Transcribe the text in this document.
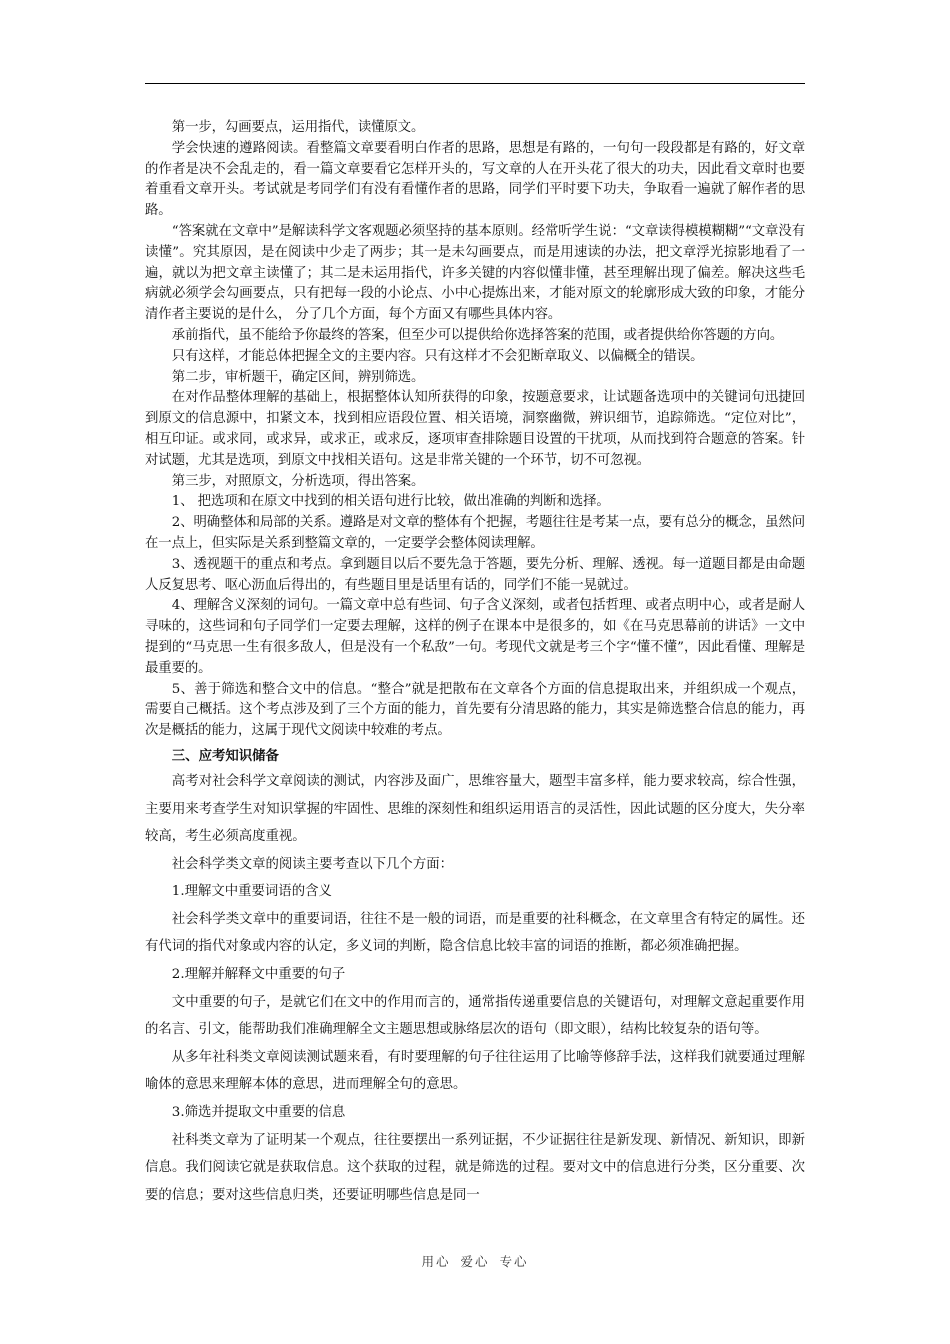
第一步，勾画要点，运用指代，读懂原文。

学会快速的遵路阅读。看整篇文章要看明白作者的思路，思想是有路的，一句句一段段都是有路的，好文章的作者是决不会乱走的，看一篇文章要看它怎样开头的，写文章的人在开头花了很大的功夫，因此看文章时也要着重看文章开头。考试就是考同学们有没有看懂作者的思路，同学们平时要下功夫，争取看一遍就了解作者的思路。

“答案就在文章中”是解读科学文客观题必须坚持的基本原则。经常听学生说：“文章读得模模糊糊”“文章没有读懂”。究其原因，是在阅读中少走了两步；其一是未勾画要点，而是用速读的办法，把文章浮光掠影地看了一遍，就以为把文章主读懂了；其二是未运用指代，许多关键的内容似懂非懂，甚至理解出现了偏差。解决这些毛病就必须学会勾画要点，只有把每一段的小论点、小中心提炼出来，才能对原文的轮廓形成大致的印象，才能分清作者主要说的是什么， 分了几个方面，每个方面又有哪些具体内容。

承前指代，虽不能给予你最终的答案，但至少可以提供给你选择答案的范围，或者提供给你答题的方向。

只有这样，才能总体把握全文的主要内容。只有这样才不会犯断章取义、以偏概全的错误。

第二步，审析题干，确定区间，辨别筛选。

在对作品整体理解的基础上，根据整体认知所获得的印象，按题意要求，让试题备选项中的关键词句迅捷回到原文的信息源中，扣紧文本，找到相应语段位置、相关语境，洞察幽微，辨识细节，追踪筛选。“定位对比”，相互印证。或求同，或求异，或求正，或求反，逐项审查排除题目设置的干扰项，从而找到符合题意的答案。针对试题，尤其是选项，到原文中找相关语句。这是非常关键的一个环节，切不可忽视。

第三步，对照原文，分析选项，得出答案。

1、 把选项和在原文中找到的相关语句进行比较，做出准确的判断和选择。

2、明确整体和局部的关系。遵路是对文章的整体有个把握，考题往往是考某一点，要有总分的概念，虽然问在一点上，但实际是关系到整篇文章的，一定要学会整体阅读理解。

3、透视题干的重点和考点。拿到题目以后不要先急于答题，要先分析、理解、透视。每一道题目都是由命题人反复思考、呕心沥血后得出的，有些题目里是话里有话的，同学们不能一晃就过。

4、理解含义深刻的词句。一篇文章中总有些词、句子含义深刻，或者包括哲理、或者点明中心，或者是耐人寻味的，这些词和句子同学们一定要去理解，这样的例子在课本中是很多的，如《在马克思幕前的讲话》一文中提到的“马克思一生有很多敌人，但是没有一个私敌”一句。考现代文就是考三个字“懂不懂”，因此看懂、理解是最重要的。

5、善于筛选和整合文中的信息。“整合”就是把散布在文章各个方面的信息提取出来，并组织成一个观点，需要自己概括。这个考点涉及到了三个方面的能力，首先要有分清思路的能力，其实是筛选整合信息的能力，再次是概括的能力，这属于现代文阅读中较难的考点。

三、应考知识储备

高考对社会科学文章阅读的测试，内容涉及面广，思维容量大，题型丰富多样，能力要求较高，综合性强，主要用来考查学生对知识掌握的牢固性、思维的深刻性和组织运用语言的灵活性，因此试题的区分度大，失分率较高，考生必须高度重视。

社会科学类文章的阅读主要考查以下几个方面：

1.理解文中重要词语的含义

社会科学类文章中的重要词语，往往不是一般的词语，而是重要的社科概念，在文章里含有特定的属性。还有代词的指代对象或内容的认定，多义词的判断，隐含信息比较丰富的词语的推断，都必须准确把握。

2.理解并解释文中重要的句子

文中重要的句子，是就它们在文中的作用而言的，通常指传递重要信息的关键语句，对理解文意起重要作用的名言、引文，能帮助我们准确理解全文主题思想或脉络层次的语句（即文眼），结构比较复杂的语句等。

从多年社科类文章阅读测试题来看，有时要理解的句子往往运用了比喻等修辞手法，这样我们就要通过理解喻体的意思来理解本体的意思，进而理解全句的意思。

3.筛选并提取文中重要的信息

社科类文章为了证明某一个观点，往往要摆出一系列证据，不少证据往往是新发现、新情况、新知识，即新信息。我们阅读它就是获取信息。这个获取的过程，就是筛选的过程。要对文中的信息进行分类，区分重要、次要的信息；要对这些信息归类，还要证明哪些信息是同一

用心 爱心 专心
